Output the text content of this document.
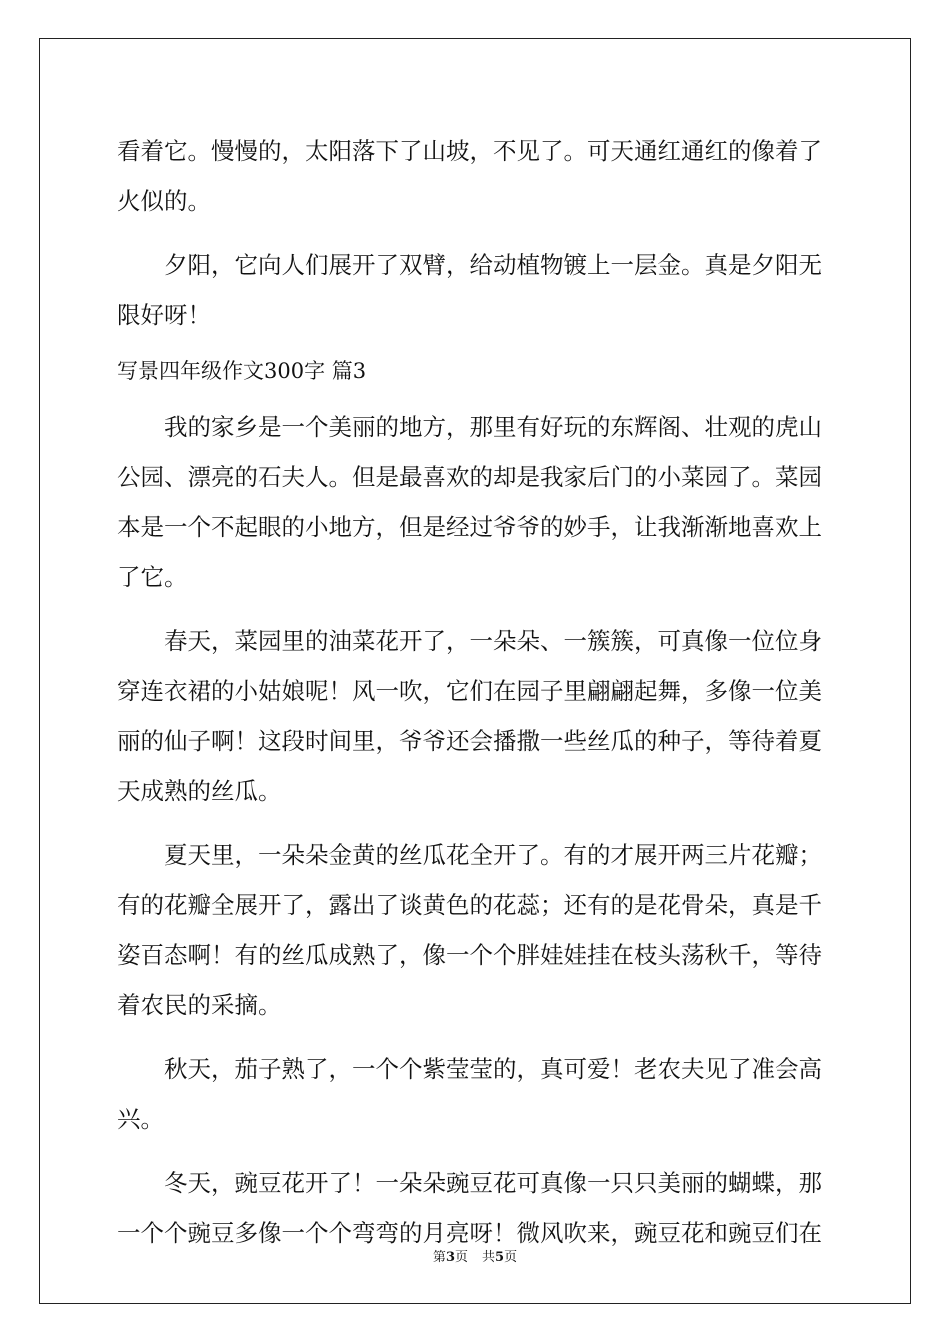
看着它。慢慢的，太阳落下了山坡，不见了。可天通红通红的像着了
火似的。
　　夕阳，它向人们展开了双臂，给动植物镀上一层金。真是夕阳无
限好呀！
写景四年级作文300字 篇3
　　我的家乡是一个美丽的地方，那里有好玩的东辉阁、壮观的虎山
公园、漂亮的石夫人。但是最喜欢的却是我家后门的小菜园了。菜园
本是一个不起眼的小地方，但是经过爷爷的妙手，让我渐渐地喜欢上
了它。
　　春天，菜园里的油菜花开了，一朵朵、一簇簇，可真像一位位身
穿连衣裙的小姑娘呢！风一吹，它们在园子里翩翩起舞，多像一位美
丽的仙子啊！这段时间里，爷爷还会播撒一些丝瓜的种子，等待着夏
天成熟的丝瓜。
　　夏天里，一朵朵金黄的丝瓜花全开了。有的才展开两三片花瓣；
有的花瓣全展开了，露出了谈黄色的花蕊；还有的是花骨朵，真是千
姿百态啊！有的丝瓜成熟了，像一个个胖娃娃挂在枝头荡秋千，等待
着农民的采摘。
　　秋天，茄子熟了，一个个紫莹莹的，真可爱！老农夫见了准会高
兴。
　　冬天，豌豆花开了！一朵朵豌豆花可真像一只只美丽的蝴蝶，那
一个个豌豆多像一个个弯弯的月亮呀！微风吹来，豌豆花和豌豆们在
第3页 共5页
